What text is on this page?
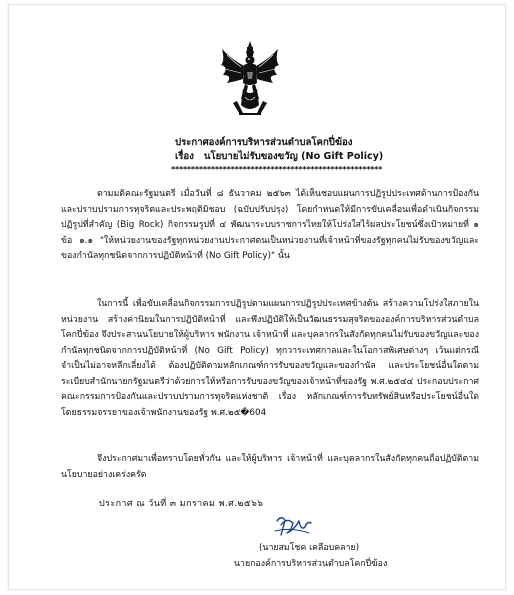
ประกาศองค์การบริหารส่วนตำบลโคกปี่ฆ้อง
เรื่อง นโยบายไม่รับของขวัญ (No Gift Policy)
*****************************************************

ตามมติคณะรัฐมนตรี เมื่อวันที่ ๘ ธันวาคม ๒๕๖๓ ได้เห็นชอบแผนการปฏิรูปประเทศด้านการป้องกันและปราบปรามการทุจริตและประพฤติมิชอบ (ฉบับปรับปรุง) โดยกำหนดให้มีการขับเคลื่อนเพื่อดำเนินกิจกรรมปฏิรูปที่สำคัญ (Big Rock) กิจกรรมรูปที่ ๔ พัฒนาระบบราชการไทยให้โปร่งใสไร้ผลประโยชน์ซึ่งเป้าหมายที่ ๑ ข้อ ๑.๑ "ให้หน่วยงานของรัฐทุกหน่วยงานประกาศตนเป็นหน่วยงานที่เจ้าหน้าที่ของรัฐทุกคนไม่รับของขวัญและของกำนัลทุกชนิดจากการปฏิบัติหน้าที่ (No Gift Policy)" นั้น

ในการนี้ เพื่อขับเคลื่อนกิจกรรมการปฏิรูปตามแผนการปฏิรูปประเทศข้างต้น สร้างความโปร่งใสภายในหน่วยงาน สร้างค่านิยมในการปฏิบัติหน้าที่ และพึงปฏิบัติให้เป็นวัฒนธรรมสุจริตขององค์การบริหารส่วนตำบลโคกปี่ฆ้อง จึงประสานนโยบายให้ผู้บริหาร พนักงาน เจ้าหน้าที่ และบุคลากรในสังกัดทุกคนไม่รับของขวัญและของกำนัลทุกชนิดจากการปฏิบัติหน้าที่ (No Gift Policy) ทุกวาระเทศกาลและในโอกาสพิเศษต่างๆ เว้นแต่กรณีจำเป็นไม่อาจหลีกเลี่ยงได้ ต้องปฏิบัติตามหลักเกณฑ์การรับของขวัญและของกำนัล และประโยชน์อื่นใดตามระเบียบสำนักนายกรัฐมนตรีว่าด้วยการให้หรือการรับของขวัญของเจ้าหน้าที่ของรัฐ พ.ศ.๒๕๔๔ ประกอบประกาศคณะกรรมการป้องกันและปราบปรามการทุจริตแห่งชาติ เรื่อง หลักเกณฑ์การรับทรัพย์สินหรือประโยชน์อื่นใดโดยธรรมจรรยาของเจ้าพนักงานของรัฐ พ.ศ.๒๕�604

จึงประกาศมาเพื่อทราบโดยทั่วกัน และให้ผู้บริหาร เจ้าหน้าที่ และบุคลากรในสังกัดทุกคนถือปฏิบัติตามนโยบายอย่างเคร่งครัด

ประกาศ ณ วันที่ ๓ มกราคม พ.ศ.๒๕๖๖
(นายสมโชค เคลือบคลาย)
นายกองค์การบริหารส่วนตำบลโคกปี่ฆ้อง
